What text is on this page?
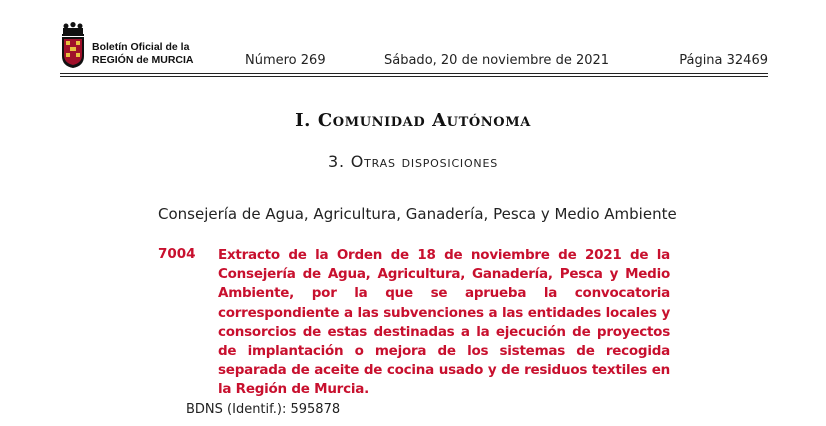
Boletín Oficial de la
REGIÓN de MURCIA	Número 269	Sábado, 20 de noviembre de 2021	Página 32469
I. Comunidad Autónoma
3. Otras disposiciones
Consejería de Agua, Agricultura, Ganadería, Pesca y Medio Ambiente
7004 Extracto de la Orden de 18 de noviembre de 2021 de la Consejería de Agua, Agricultura, Ganadería, Pesca y Medio Ambiente, por la que se aprueba la convocatoria correspondiente a las subvenciones a las entidades locales y consorcios de estas destinadas a la ejecución de proyectos de implantación o mejora de los sistemas de recogida separada de aceite de cocina usado y de residuos textiles en la Región de Murcia.
BDNS (Identif.): 595878
